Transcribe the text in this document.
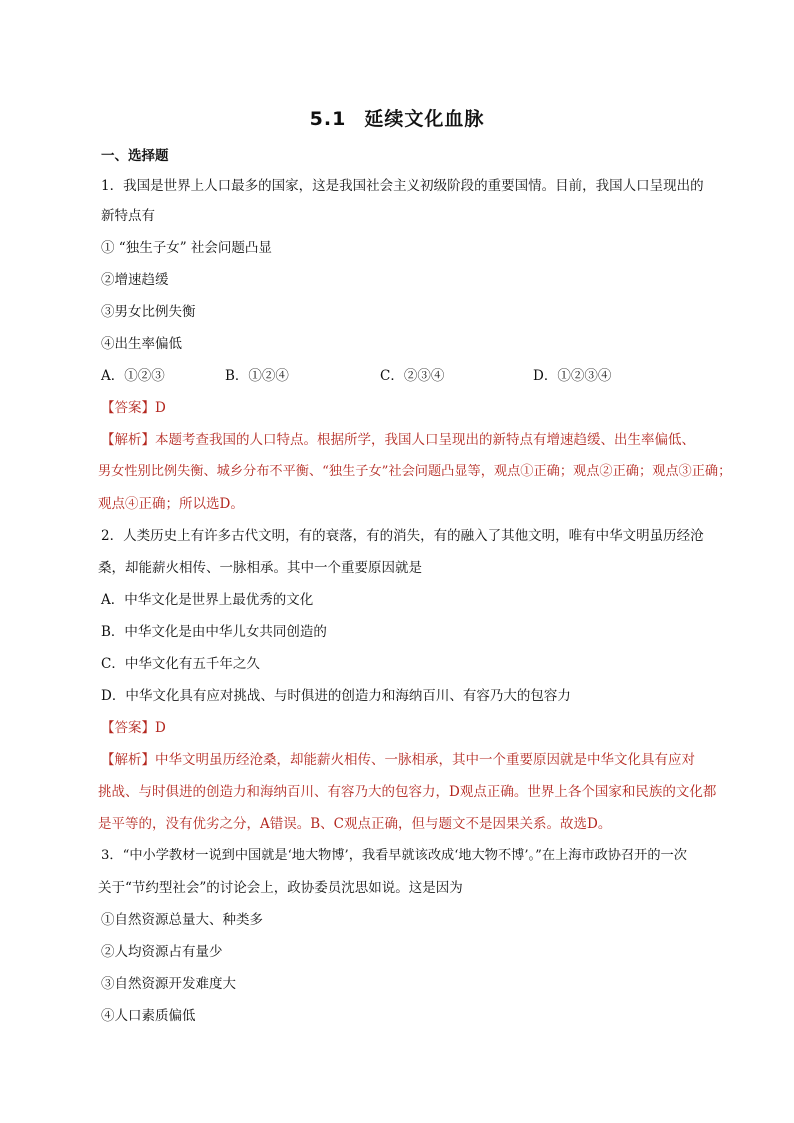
5.1 延续文化血脉
一、选择题
1．我国是世界上人口最多的国家，这是我国社会主义初级阶段的重要国情。目前，我国人口呈现出的
新特点有
① “独生子女” 社会问题凸显
②增速趋缓
③男女比例失衡
④出生率偏低
A．①②③	B．①②④	C．②③④	D．①②③④
【答案】D
【解析】本题考查我国的人口特点。根据所学，我国人口呈现出的新特点有增速趋缓、出生率偏低、
男女性别比例失衡、城乡分布不平衡、“独生子女”社会问题凸显等，观点①正确；观点②正确；观点③正确；
观点④正确；所以选D。
2．人类历史上有许多古代文明，有的衰落，有的消失，有的融入了其他文明，唯有中华文明虽历经沧
桑，却能薪火相传、一脉相承。其中一个重要原因就是
A．中华文化是世界上最优秀的文化
B．中华文化是由中华儿女共同创造的
C．中华文化有五千年之久
D．中华文化具有应对挑战、与时俱进的创造力和海纳百川、有容乃大的包容力
【答案】D
【解析】中华文明虽历经沧桑，却能薪火相传、一脉相承，其中一个重要原因就是中华文化具有应对
挑战、与时俱进的创造力和海纳百川、有容乃大的包容力，D观点正确。世界上各个国家和民族的文化都
是平等的，没有优劣之分，A错误。B、C观点正确，但与题文不是因果关系。故选D。
3．“中小学教材一说到中国就是‘地大物博’，我看早就该改成‘地大物不博’。”在上海市政协召开的一次
关于“节约型社会”的讨论会上，政协委员沈思如说。这是因为
①自然资源总量大、种类多
②人均资源占有量少
③自然资源开发难度大
④人口素质偏低
